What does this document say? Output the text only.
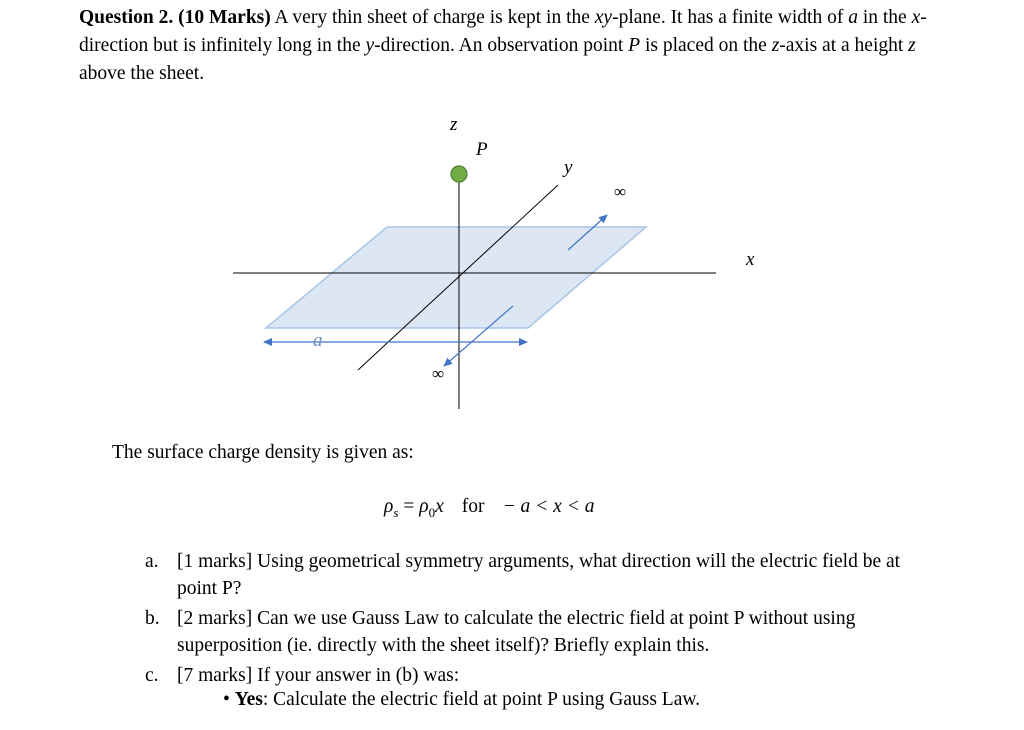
Question 2. (10 Marks) A very thin sheet of charge is kept in the xy-plane. It has a finite width of a in the x-direction but is infinitely long in the y-direction. An observation point P is placed on the z-axis at a height z above the sheet.
z
P
y
x
a
∞
∞
The surface charge density is given as:
$\rho_s = \rho_0x$ for − a < x < a
a. [1 marks] Using geometrical symmetry arguments, what direction will the electric field be at point P?
b. [2 marks] Can we use Gauss Law to calculate the electric field at point P without using superposition (ie. directly with the sheet itself)? Briefly explain this.
c. [7 marks] If your answer in (b) was:
• Yes: Calculate the electric field at point P using Gauss Law.
